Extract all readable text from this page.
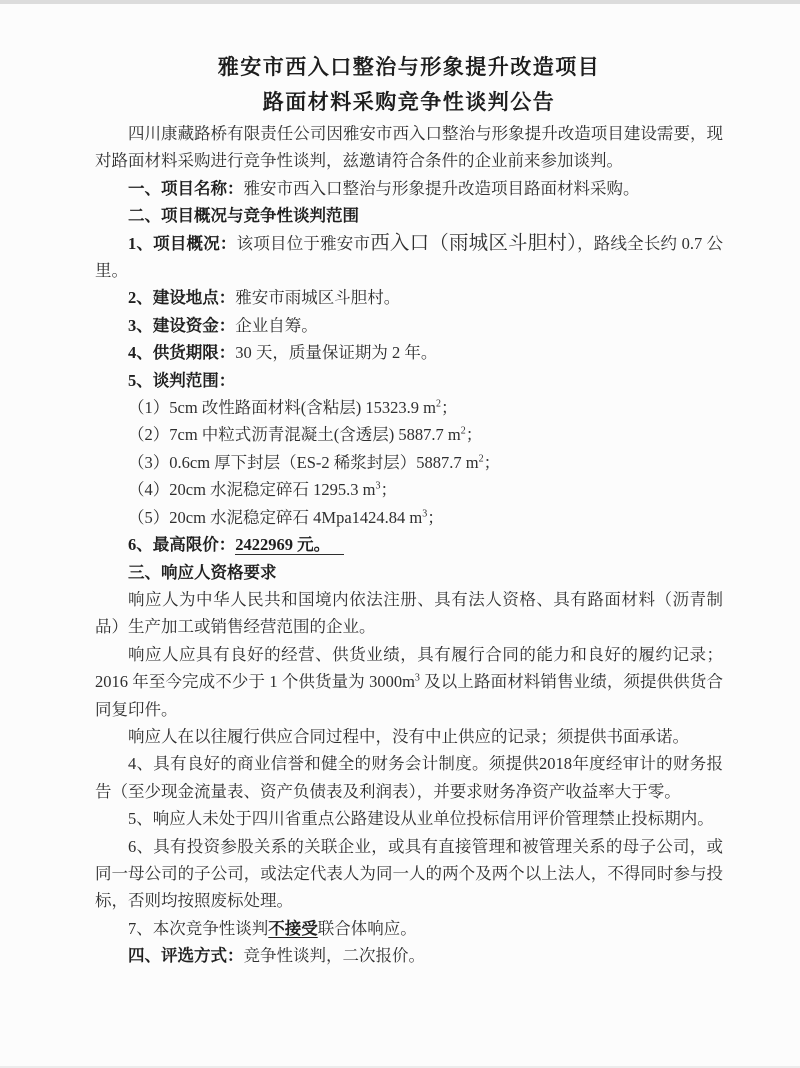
雅安市西入口整治与形象提升改造项目
路面材料采购竞争性谈判公告

四川康藏路桥有限责任公司因雅安市西入口整治与形象提升改造项目建设需要，现对路面材料采购进行竞争性谈判，兹邀请符合条件的企业前来参加谈判。

一、项目名称：雅安市西入口整治与形象提升改造项目路面材料采购。

二、项目概况与竞争性谈判范围

1、项目概况：该项目位于雅安市西入口（雨城区斗胆村），路线全长约 0.7 公里。

2、建设地点：雅安市雨城区斗胆村。

3、建设资金：企业自筹。

4、供货期限：30 天，质量保证期为 2 年。

5、谈判范围：

（1）5cm 改性路面材料(含粘层) 15323.9 $m^2$；

（2）7cm 中粒式沥青混凝土(含透层) 5887.7 $m^2$；

（3）0.6cm 厚下封层（ES-2 稀浆封层）5887.7 $m^2$；

（4）20cm 水泥稳定碎石 1295.3 $m^3$；

（5）20cm 水泥稳定碎石 4Mpa1424.84 $m^3$；

6、最高限价：2422969 元。

三、响应人资格要求

响应人为中华人民共和国境内依法注册、具有法人资格、具有路面材料（沥青制品）生产加工或销售经营范围的企业。

响应人应具有良好的经营、供货业绩，具有履行合同的能力和良好的履约记录；2016 年至今完成不少于 1 个供货量为 $3000m^3$ 及以上路面材料销售业绩，须提供供货合同复印件。

响应人在以往履行供应合同过程中，没有中止供应的记录；须提供书面承诺。

4、具有良好的商业信誉和健全的财务会计制度。须提供2018年度经审计的财务报告（至少现金流量表、资产负债表及利润表），并要求财务净资产收益率大于零。

5、响应人未处于四川省重点公路建设从业单位投标信用评价管理禁止投标期内。

6、具有投资参股关系的关联企业，或具有直接管理和被管理关系的母子公司，或同一母公司的子公司，或法定代表人为同一人的两个及两个以上法人，不得同时参与投标，否则均按照废标处理。

7、本次竞争性谈判不接受联合体响应。

四、评选方式：竞争性谈判，二次报价。
